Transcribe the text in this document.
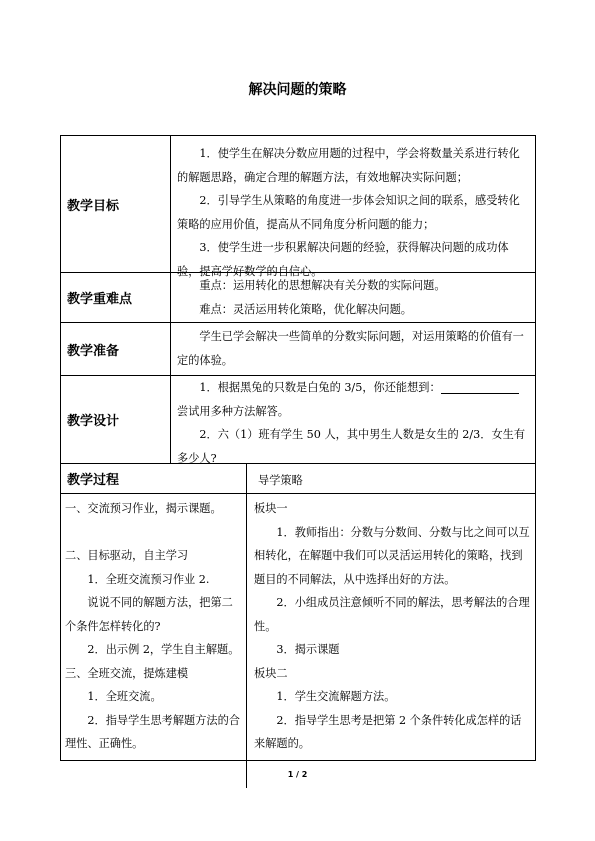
解决问题的策略
教学目标

1．使学生在解决分数应用题的过程中，学会将数量关系进行转化的解题思路，确定合理的解题方法，有效地解决实际问题；

2．引导学生从策略的角度进一步体会知识之间的联系，感受转化策略的应用价值，提高从不同角度分析问题的能力；

3．使学生进一步积累解决问题的经验，获得解决问题的成功体验，提高学好数学的自信心。

教学重难点

重点：运用转化的思想解决有关分数的实际问题。

难点：灵活运用转化策略，优化解决问题。

教学准备

学生已学会解决一些简单的分数实际问题，对运用策略的价值有一定的体验。

教学设计

1．根据黑兔的只数是白兔的 3/5，你还能想到：

尝试用多种方法解答。

2．六（1）班有学生 50 人，其中男生人数是女生的 2/3．女生有多少人?

教学过程	导学策略

一、交流预习作业，揭示课题。

二、目标驱动，自主学习

1．全班交流预习作业 2.

说说不同的解题方法，把第二个条件怎样转化的?

2．出示例 2，学生自主解题。

三、全班交流，提炼建模

1．全班交流。

2．指导学生思考解题方法的合理性、正确性。

板块一

1．教师指出：分数与分数间、分数与比之间可以互相转化，在解题中我们可以灵活运用转化的策略，找到题目的不同解法，从中选择出好的方法。

2．小组成员注意倾听不同的解法，思考解法的合理性。

3．揭示课题

板块二

1．学生交流解题方法。

2．指导学生思考是把第 2 个条件转化成怎样的话来解题的。

1 / 2
